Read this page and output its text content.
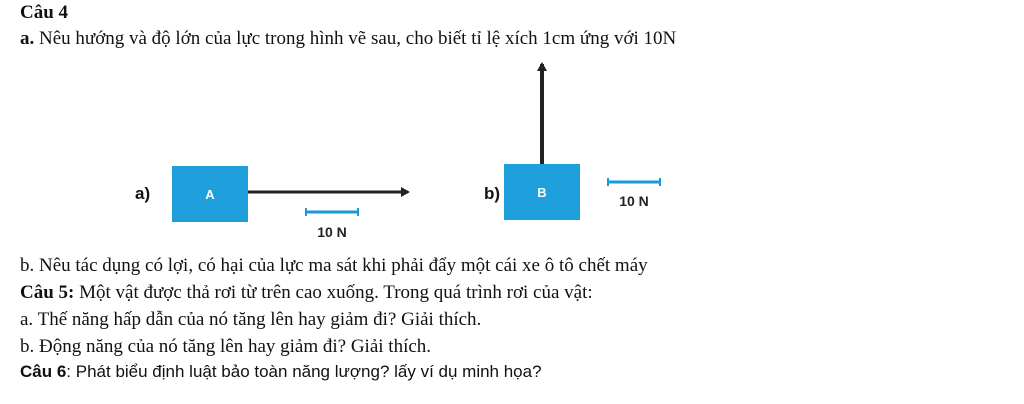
Câu 4
a. Nêu hướng và độ lớn của lực trong hình vẽ sau, cho biết tỉ lệ xích 1cm ứng với 10N
a)	A
10 N
b)	B
10 N
b. Nêu tác dụng có lợi, có hại của lực ma sát khi phải đẩy một cái xe ô tô chết máy
Câu 5: Một vật được thả rơi từ trên cao xuống. Trong quá trình rơi của vật:
a. Thế năng hấp dẫn của nó tăng lên hay giảm đi? Giải thích.
b. Động năng của nó tăng lên hay giảm đi? Giải thích.
Câu 6: Phát biểu định luật bảo toàn năng lượng? lấy ví dụ minh họa?
